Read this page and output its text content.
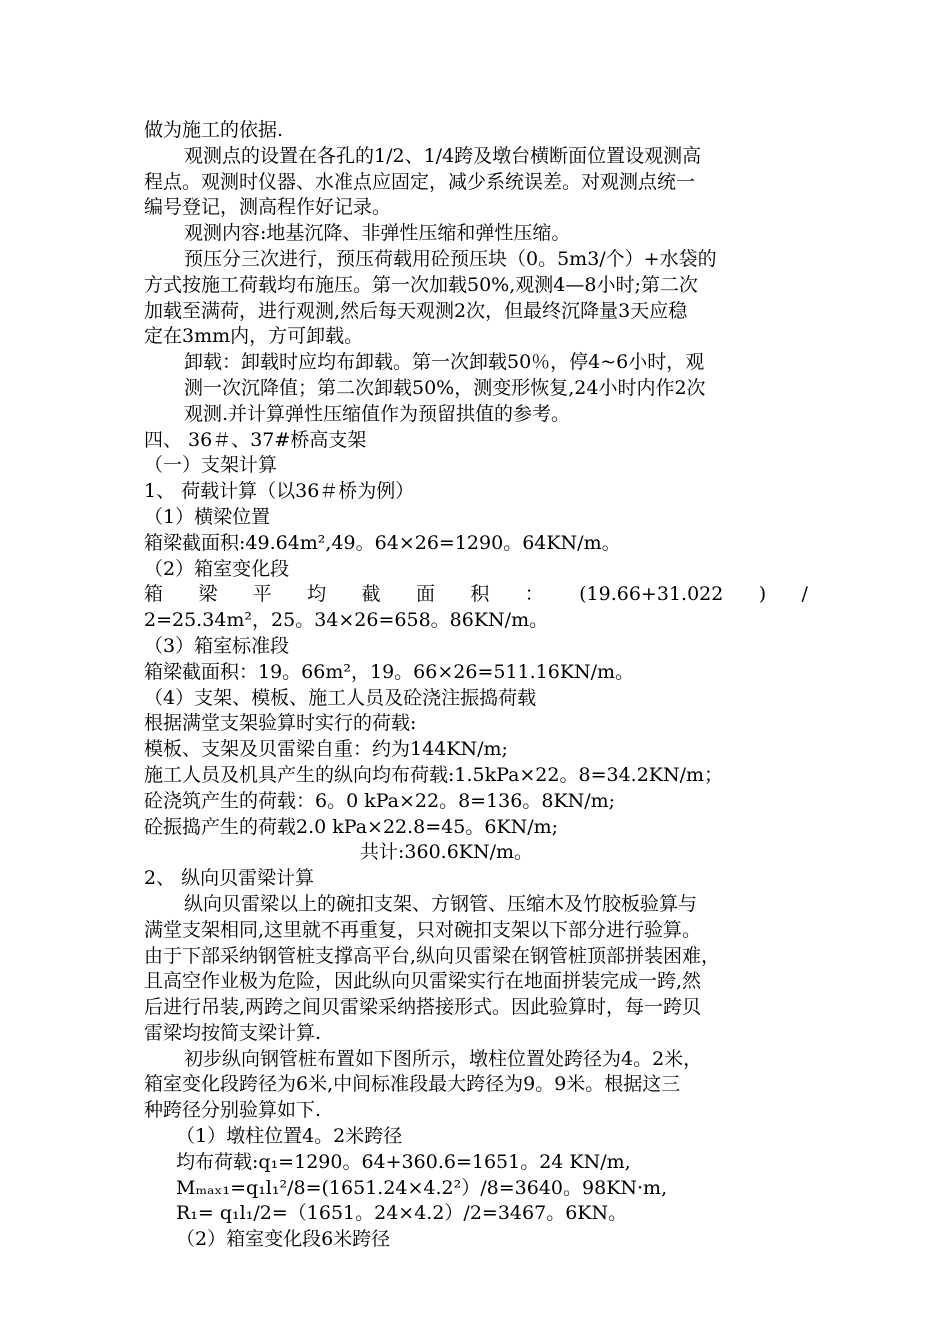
做为施工的依据.

观测点的设置在各孔的1/2、1/4跨及墩台横断面位置设观测高

程点。观测时仪器、水准点应固定，减少系统误差。对观测点统一

编号登记，测高程作好记录。

观测内容:地基沉降、非弹性压缩和弹性压缩。

预压分三次进行，预压荷载用砼预压块（0。5m3/个）+水袋的

方式按施工荷载均布施压。第一次加载50%,观测4—8小时;第二次

加载至满荷，进行观测,然后每天观测2次，但最终沉降量3天应稳

定在3mm内，方可卸载。

卸载：卸载时应均布卸载。第一次卸载50％，停4~6小时，观

测一次沉降值；第二次卸载50%，测变形恢复,24小时内作2次

观测.并计算弹性压缩值作为预留拱值的参考。

四、 36＃、37#桥高支架

（一）支架计算

1、 荷载计算（以36＃桥为例）

（1）横梁位置

箱梁截面积:49.64m²,49。64×26=1290。64KN/m。

（2）箱室变化段

箱 梁 平 均 截 面 积 ： (19.66+31.022 ) /

2=25.34m²，25。34×26=658。86KN/m。

（3）箱室标准段

箱梁截面积：19。66m²，19。66×26=511.16KN/m。

（4）支架、模板、施工人员及砼浇注振捣荷载

根据满堂支架验算时实行的荷载:

模板、支架及贝雷梁自重：约为144KN/m;

施工人员及机具产生的纵向均布荷载:1.5kPa×22。8=34.2KN/m；

砼浇筑产生的荷载：6。0 kPa×22。8=136。8KN/m;

砼振捣产生的荷载2.0 kPa×22.8=45。6KN/m;

共计:360.6KN/m。

2、 纵向贝雷梁计算

纵向贝雷梁以上的碗扣支架、方钢管、压缩木及竹胶板验算与

满堂支架相同,这里就不再重复，只对碗扣支架以下部分进行验算。

由于下部采纳钢管桩支撑高平台,纵向贝雷梁在钢管桩顶部拼装困难，

且高空作业极为危险，因此纵向贝雷梁实行在地面拼装完成一跨,然

后进行吊装,两跨之间贝雷梁采纳搭接形式。因此验算时，每一跨贝

雷梁均按简支梁计算.

初步纵向钢管桩布置如下图所示，墩柱位置处跨径为4。2米，

箱室变化段跨径为6米,中间标准段最大跨径为9。9米。根据这三

种跨径分别验算如下.

（1）墩柱位置4。2米跨径

均布荷载:q₁=1290。64+360.6=1651。24 KN/m,

Mₘₐₓ₁=q₁l₁²/8=(1651.24×4.2²）/8=3640。98KN·m,

R₁= q₁l₁/2=（1651。24×4.2）/2=3467。6KN。

（2）箱室变化段6米跨径
